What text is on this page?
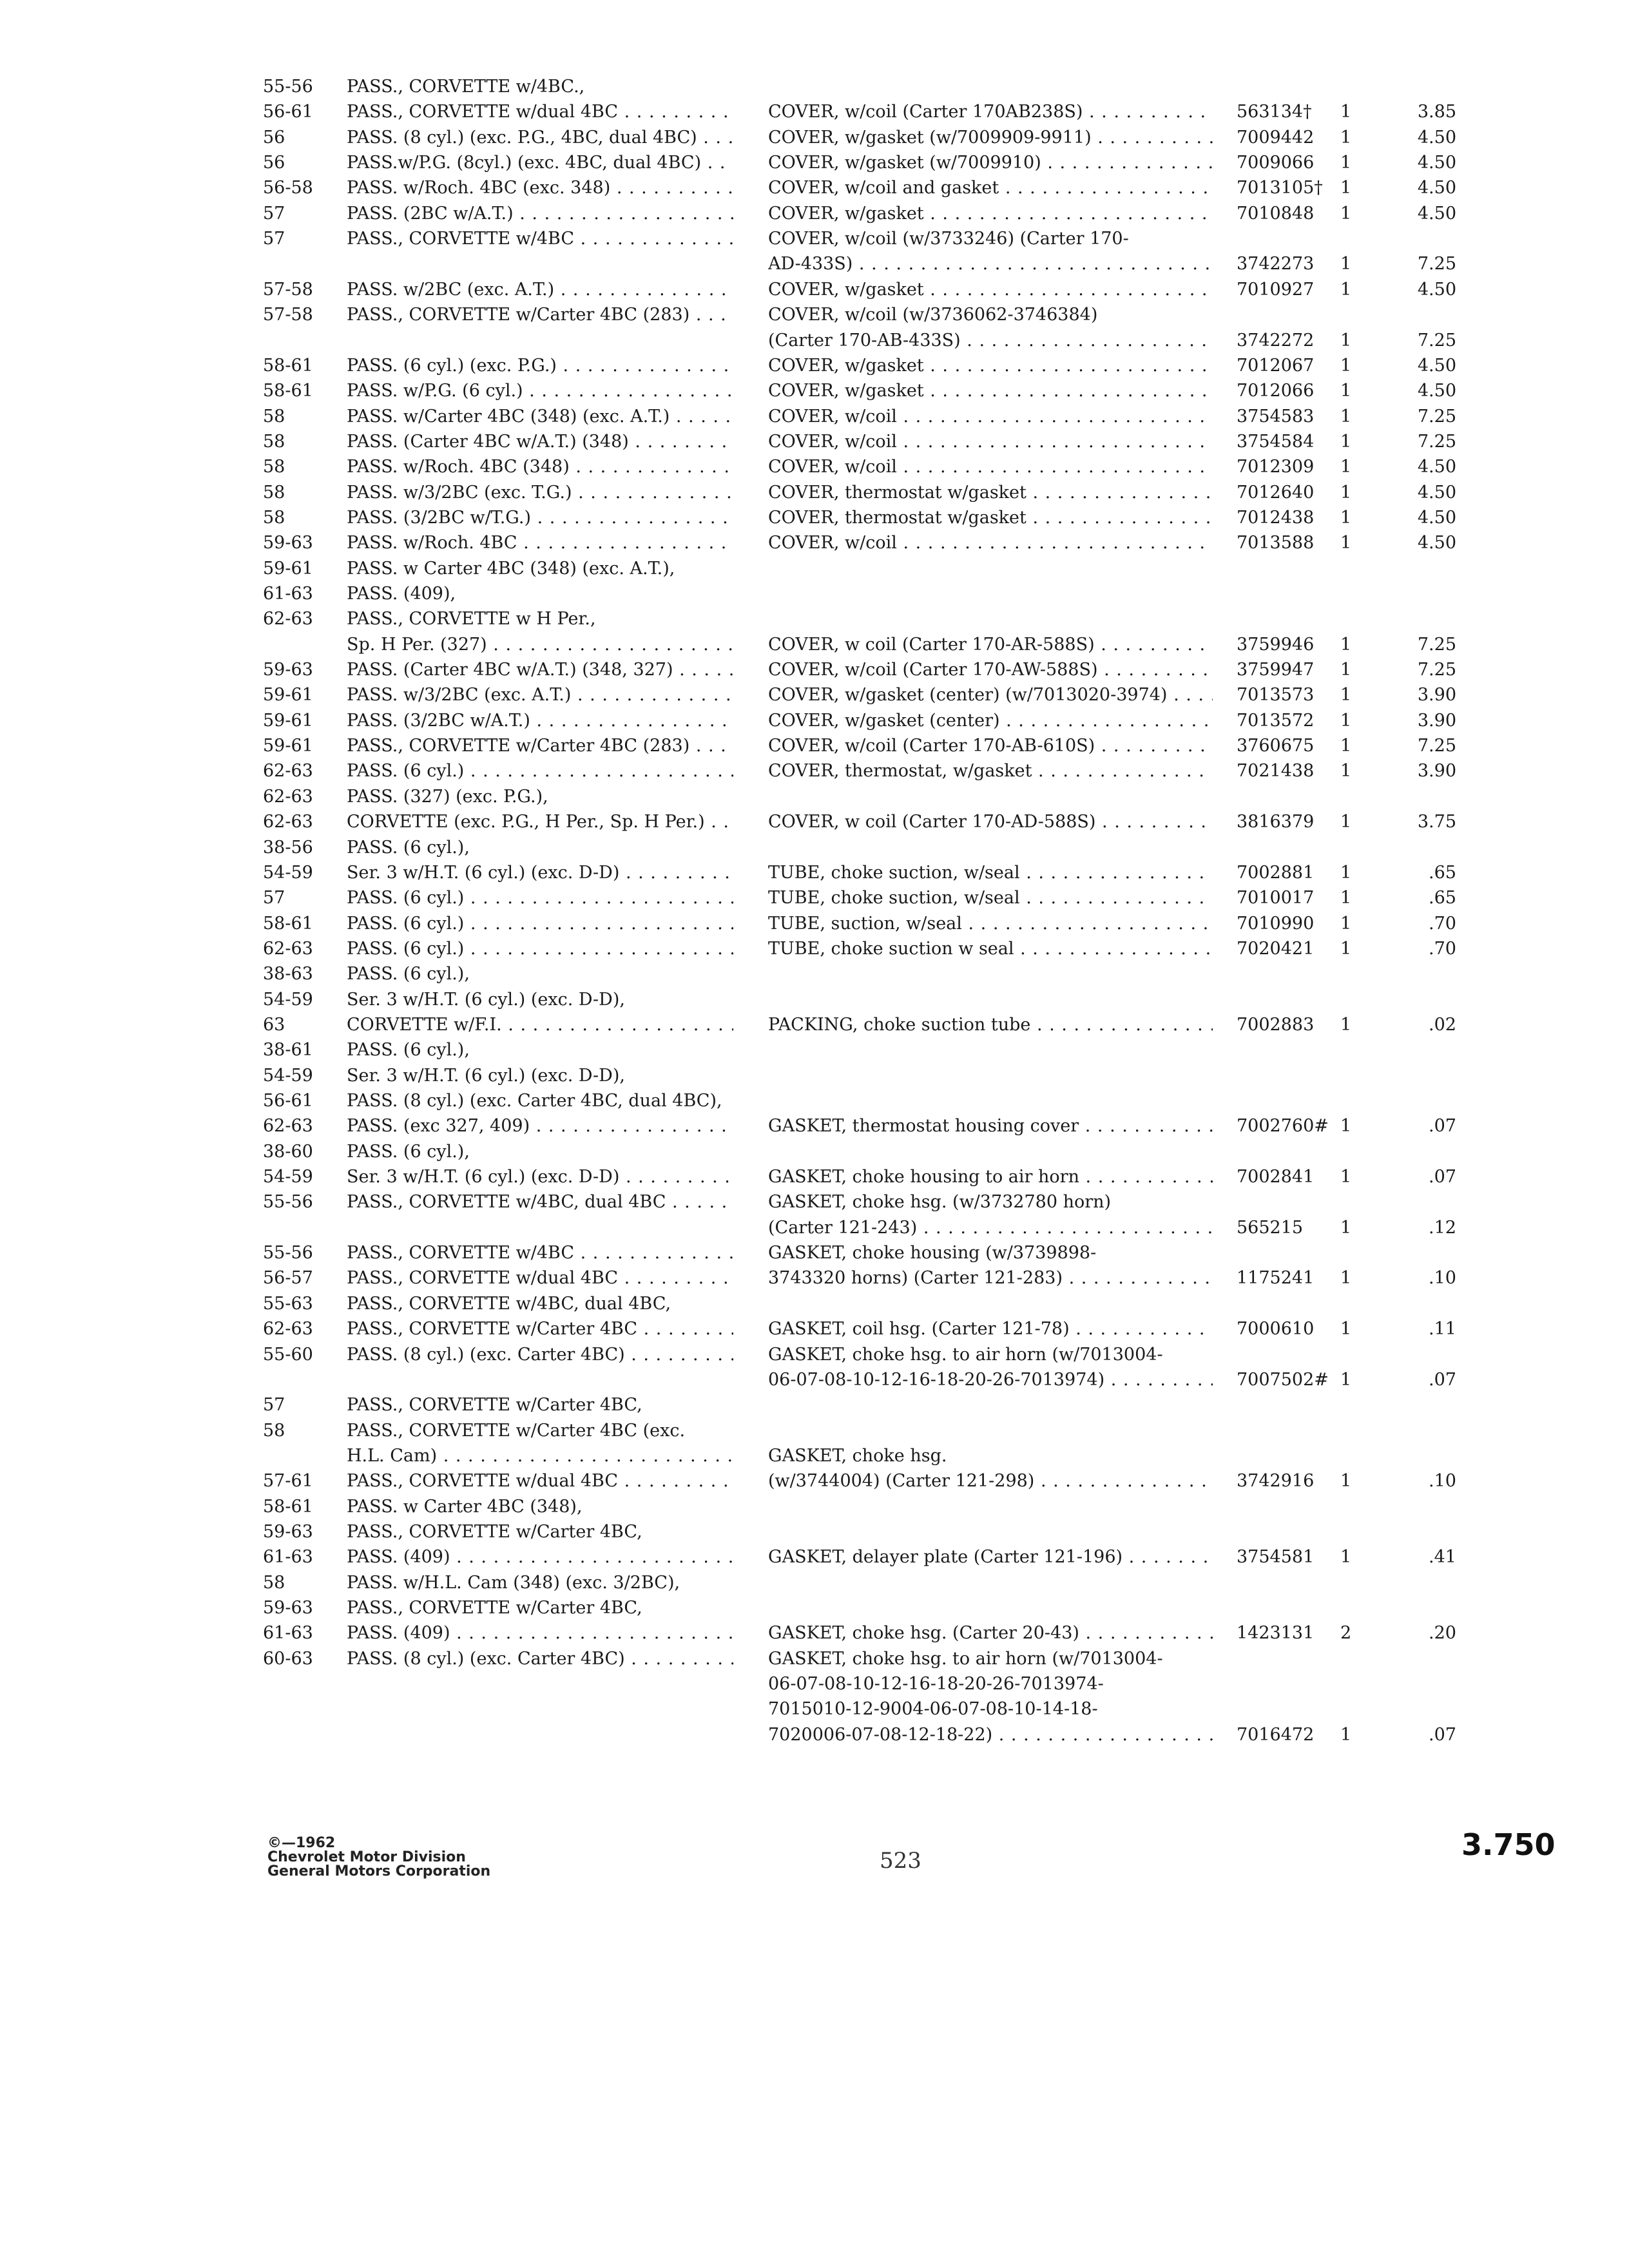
55-56 PASS., CORVETTE w/4BC.,
56-61 PASS., CORVETTE w/dual 4BC . . .	COVER, w/coil (Carter 170AB238S) . . .	563134†	1	3.85
56	PASS. (8 cyl.) (exc. P.G., 4BC, dual 4BC) . . .	COVER, w/gasket (w/7009909-9911) . . .	7009442	1	4.50
56	PASS.w/P.G. (8cyl.) (exc. 4BC, dual 4BC) . . .	COVER, w/gasket (w/7009910) . . .	7009066	1	4.50
56-58 PASS. w/Roch. 4BC (exc. 348) . . .	COVER, w/coil and gasket . . .	7013105† 1	4.50
57	PASS. (2BC w/A.T.) . . .	COVER, w/gasket . . .	7010848	1	4.50
57	PASS., CORVETTE w/4BC . . .	COVER, w/coil (w/3733246) (Carter 170-
AD-433S) . . .	3742273	1	7.25
57-58 PASS. w/2BC (exc. A.T.) . . .	COVER, w/gasket . . .	7010927	1	4.50
57-58 PASS., CORVETTE w/Carter 4BC (283) . . .	COVER, w/coil (w/3736062-3746384)
(Carter 170-AB-433S) . . .	3742272	1	7.25
58-61 PASS. (6 cyl.) (exc. P.G.) . . .	COVER, w/gasket . . .	7012067	1	4.50
58-61 PASS. w/P.G. (6 cyl.) . . .	COVER, w/gasket . . .	7012066	1	4.50
58	PASS. w/Carter 4BC (348) (exc. A.T.) . . .	COVER, w/coil . . .	3754583	1	7.25
58	PASS. (Carter 4BC w/A.T.) (348) . . .	COVER, w/coil . . .	3754584	1	7.25
58	PASS. w/Roch. 4BC (348) . . .	COVER, w/coil . . .	7012309	1	4.50
58	PASS. w/3/2BC (exc. T.G.) . . .	COVER, thermostat w/gasket . . .	7012640	1	4.50
58	PASS. (3/2BC w/T.G.) . . .	COVER, thermostat w/gasket . . .	7012438	1	4.50
59-63 PASS. w/Roch. 4BC . . .	COVER, w/coil . . .	7013588	1	4.50
59-61 PASS. w Carter 4BC (348) (exc. A.T.),
61-63 PASS. (409),
62-63 PASS., CORVETTE w H Per.,
Sp. H Per. (327) . . .	COVER, w coil (Carter 170-AR-588S) . . .	3759946	1	7.25
59-63 PASS. (Carter 4BC w/A.T.) (348, 327) . . .	COVER, w/coil (Carter 170-AW-588S) . . .	3759947	1	7.25
59-61 PASS. w/3/2BC (exc. A.T.) . . .	COVER, w/gasket (center) (w/7013020-3974) . . .	7013573	1	3.90
59-61 PASS. (3/2BC w/A.T.) . . .	COVER, w/gasket (center) . . .	7013572	1	3.90
59-61 PASS., CORVETTE w/Carter 4BC (283) . . .	COVER, w/coil (Carter 170-AB-610S) . . .	3760675	1	7.25
62-63 PASS. (6 cyl.) . . .	COVER, thermostat, w/gasket . . .	7021438	1	3.90
62-63 PASS. (327) (exc. P.G.),
62-63 CORVETTE (exc. P.G., H Per., Sp. H Per.) . . .	COVER, w coil (Carter 170-AD-588S) . . .	3816379	1	3.75
38-56 PASS. (6 cyl.),
54-59 Ser. 3 w/H.T. (6 cyl.) (exc. D-D) . . .	TUBE, choke suction, w/seal . . .	7002881	1	.65
57	PASS. (6 cyl.) . . .	TUBE, choke suction, w/seal . . .	7010017	1	.65
58-61 PASS. (6 cyl.) . . .	TUBE, suction, w/seal . . .	7010990	1	.70
62-63 PASS. (6 cyl.) . . .	TUBE, choke suction w seal . . .	7020421	1	.70
38-63 PASS. (6 cyl.),
54-59 Ser. 3 w/H.T. (6 cyl.) (exc. D-D),
63	CORVETTE w/F.I. . . .	PACKING, choke suction tube . . .	7002883	1	.02
38-61 PASS. (6 cyl.),
54-59 Ser. 3 w/H.T. (6 cyl.) (exc. D-D),
56-61 PASS. (8 cyl.) (exc. Carter 4BC, dual 4BC),
62-63 PASS. (exc 327, 409) . . .	GASKET, thermostat housing cover . . .	7002760# 1	.07
38-60 PASS. (6 cyl.),
54-59 Ser. 3 w/H.T. (6 cyl.) (exc. D-D) . . .	GASKET, choke housing to air horn . . .	7002841	1	.07
55-56 PASS., CORVETTE w/4BC, dual 4BC . . .	GASKET, choke hsg. (w/3732780 horn)
(Carter 121-243) . . .	565215	1	.12
55-56 PASS., CORVETTE w/4BC . . .	GASKET, choke housing (w/3739898-
56-57 PASS., CORVETTE w/dual 4BC . . .	3743320 horns) (Carter 121-283) . . .	1175241	1	.10
55-63 PASS., CORVETTE w/4BC, dual 4BC,
62-63 PASS., CORVETTE w/Carter 4BC . . .	GASKET, coil hsg. (Carter 121-78) . . .	7000610	1	.11
55-60 PASS. (8 cyl.) (exc. Carter 4BC) . . .	GASKET, choke hsg. to air horn (w/7013004-
06-07-08-10-12-16-18-20-26-7013974) . . .	7007502# 1	.07
57	PASS., CORVETTE w/Carter 4BC,
58	PASS., CORVETTE w/Carter 4BC (exc.
H.L. Cam) . . .	GASKET, choke hsg.
57-61 PASS., CORVETTE w/dual 4BC . . .	(w/3744004) (Carter 121-298) . . .	3742916	1	.10
58-61 PASS. w Carter 4BC (348),
59-63 PASS., CORVETTE w/Carter 4BC,
61-63 PASS. (409) . . .	GASKET, delayer plate (Carter 121-196) . . .	3754581	1	.41
58	PASS. w/H.L. Cam (348) (exc. 3/2BC),
59-63 PASS., CORVETTE w/Carter 4BC,
61-63 PASS. (409) . . .	GASKET, choke hsg. (Carter 20-43) . . .	1423131	2	.20
60-63 PASS. (8 cyl.) (exc. Carter 4BC) . . .	GASKET, choke hsg. to air horn (w/7013004-
06-07-08-10-12-16-18-20-26-7013974-
7015010-12-9004-06-07-08-10-14-18-
7020006-07-08-12-18-22) . . .	7016472	1	.07
©—1962
Chevrolet Motor Division
General Motors Corporation	523	3.750
